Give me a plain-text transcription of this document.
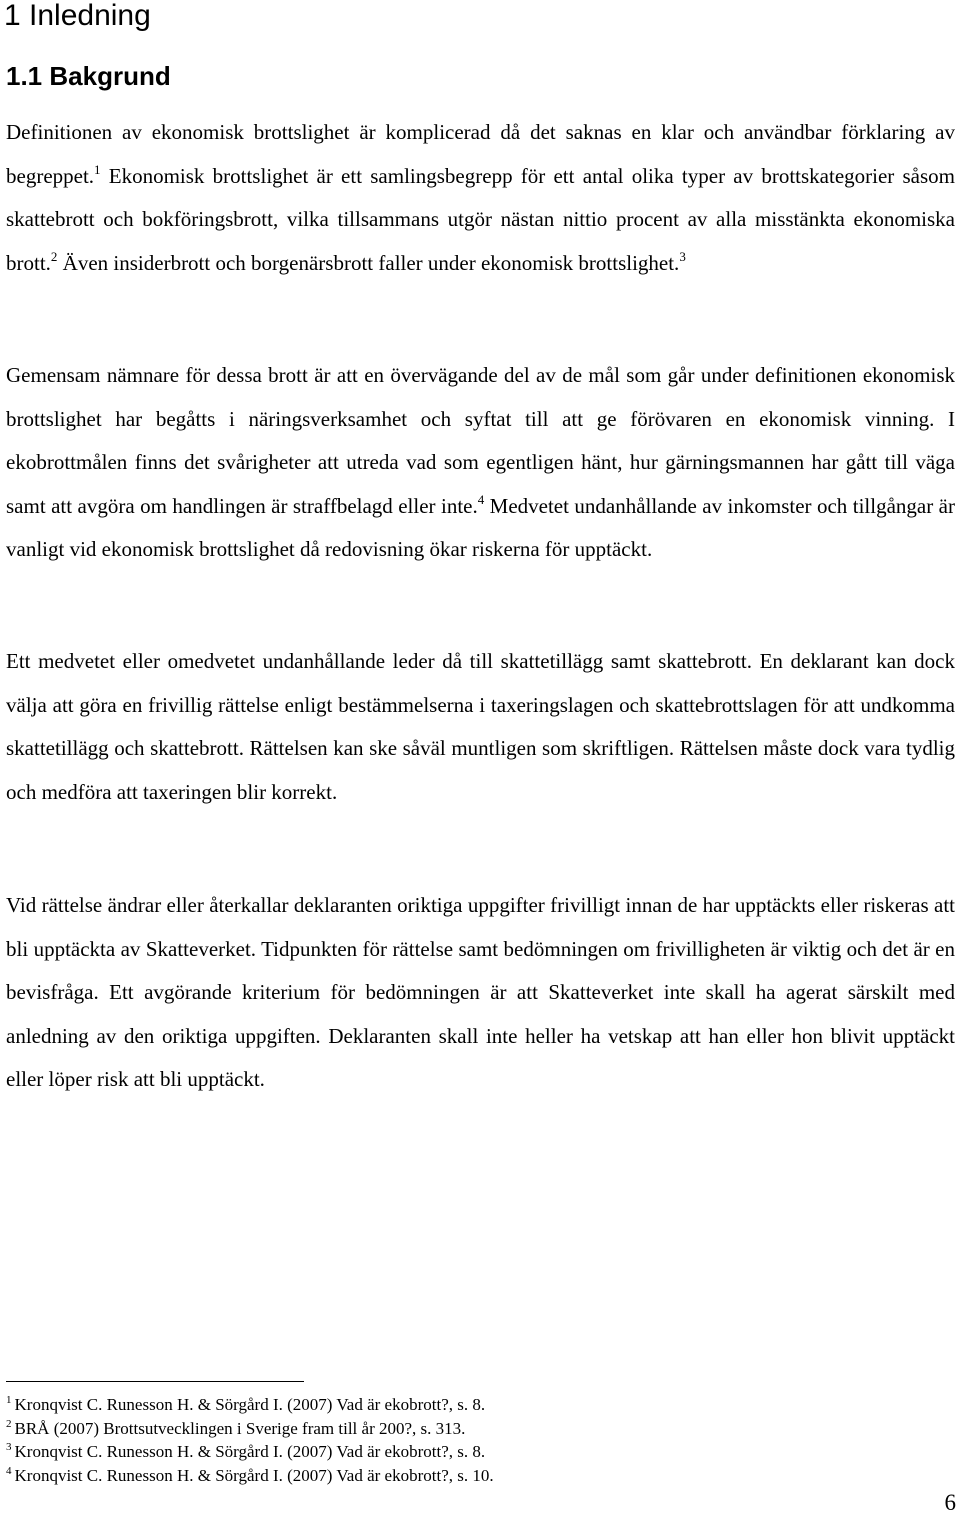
1 Inledning
1.1 Bakgrund

Definitionen av ekonomisk brottslighet är komplicerad då det saknas en klar och användbar förklaring av begreppet.$^1$ Ekonomisk brottslighet är ett samlingsbegrepp för ett antal olika typer av brottskategorier såsom skattebrott och bokföringsbrott, vilka tillsammans utgör nästan nittio procent av alla misstänkta ekonomiska brott.$^2$ Även insiderbrott och borgenärsbrott faller under ekonomisk brottslighet.$^3$

Gemensam nämnare för dessa brott är att en övervägande del av de mål som går under definitionen ekonomisk brottslighet har begåtts i näringsverksamhet och syftat till att ge förövaren en ekonomisk vinning. I ekobrottmålen finns det svårigheter att utreda vad som egentligen hänt, hur gärningsmannen har gått till väga samt att avgöra om handlingen är straffbelagd eller inte.$^4$ Medvetet undanhållande av inkomster och tillgångar är vanligt vid ekonomisk brottslighet då redovisning ökar riskerna för upptäckt.

Ett medvetet eller omedvetet undanhållande leder då till skattetillägg samt skattebrott. En deklarant kan dock välja att göra en frivillig rättelse enligt bestämmelserna i taxeringslagen och skattebrottslagen för att undkomma skattetillägg och skattebrott. Rättelsen kan ske såväl muntligen som skriftligen. Rättelsen måste dock vara tydlig och medföra att taxeringen blir korrekt.

Vid rättelse ändrar eller återkallar deklaranten oriktiga uppgifter frivilligt innan de har upptäckts eller riskeras att bli upptäckta av Skatteverket. Tidpunkten för rättelse samt bedömningen om frivilligheten är viktig och det är en bevisfråga. Ett avgörande kriterium för bedömningen är att Skatteverket inte skall ha agerat särskilt med anledning av den oriktiga uppgiften. Deklaranten skall inte heller ha vetskap att han eller hon blivit upptäckt eller löper risk att bli upptäckt.

$^1$ Kronqvist C. Runesson H. & Sörgård I. (2007) Vad är ekobrott?, s. 8.
$^2$ BRÅ (2007) Brottsutvecklingen i Sverige fram till år 200?, s. 313.
$^3$ Kronqvist C. Runesson H. & Sörgård I. (2007) Vad är ekobrott?, s. 8.
$^4$ Kronqvist C. Runesson H. & Sörgård I. (2007) Vad är ekobrott?, s. 10.
6
